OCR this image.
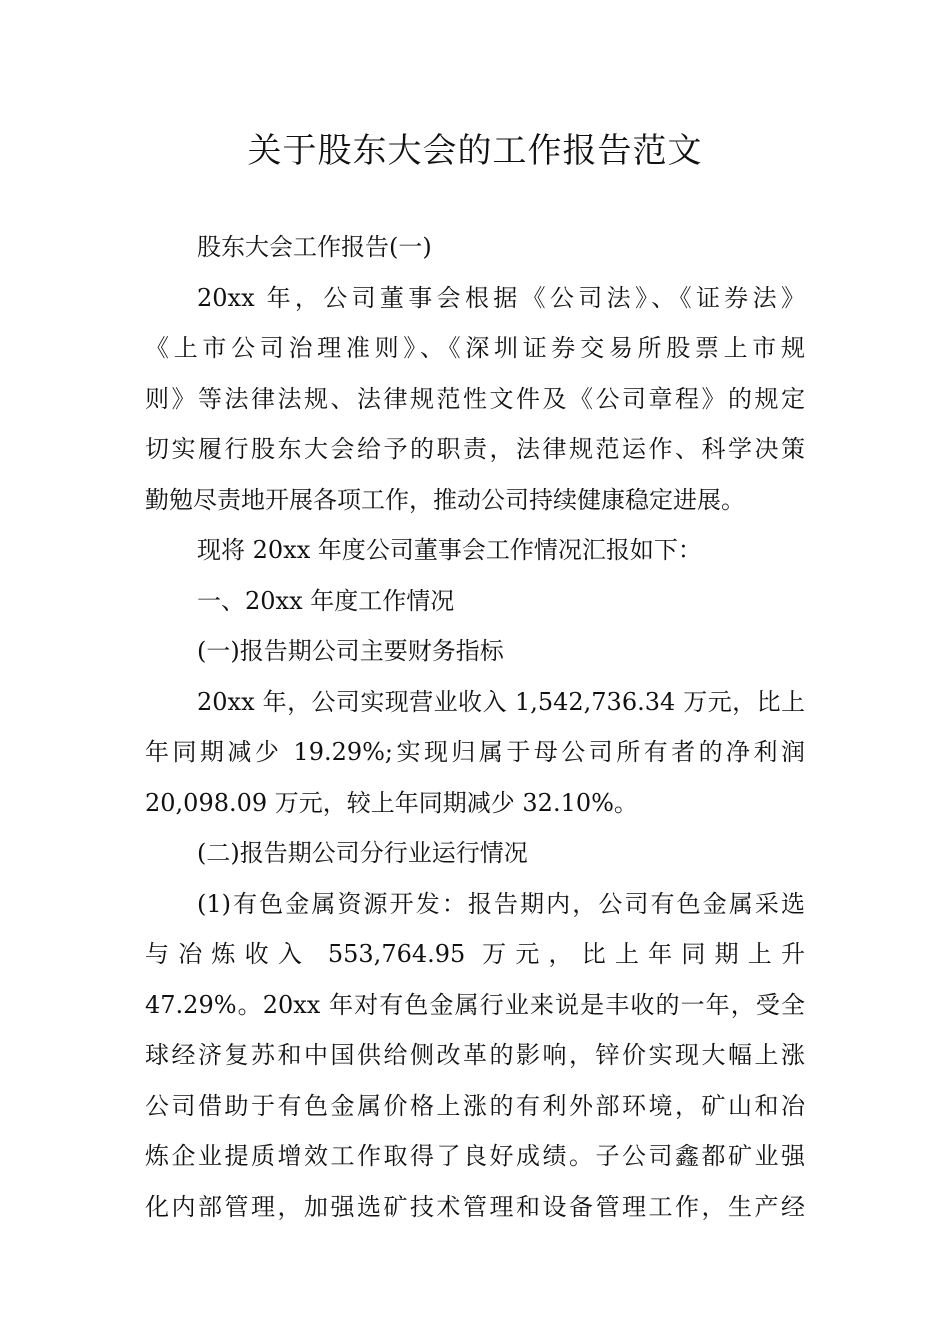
关于股东大会的工作报告范文
股东大会工作报告(一)
20xx 年，公司董事会根据《公司法》、《证券法》
《上市公司治理准则》、《深圳证券交易所股票上市规
则》等法律法规、法律规范性文件及《公司章程》的规定
切实履行股东大会给予的职责，法律规范运作、科学决策
勤勉尽责地开展各项工作，推动公司持续健康稳定进展。
现将 20xx 年度公司董事会工作情况汇报如下：
一、20xx 年度工作情况
(一)报告期公司主要财务指标
20xx 年，公司实现营业收入 1,542,736.34 万元，比上
年同期减少 19.29%;实现归属于母公司所有者的净利润
20,098.09 万元，较上年同期减少 32.10%。
(二)报告期公司分行业运行情况
(1)有色金属资源开发：报告期内，公司有色金属采选
与冶炼收入 553,764.95 万元，比上年同期上升
47.29%。20xx 年对有色金属行业来说是丰收的一年，受全
球经济复苏和中国供给侧改革的影响，锌价实现大幅上涨
公司借助于有色金属价格上涨的有利外部环境，矿山和冶
炼企业提质增效工作取得了良好成绩。子公司鑫都矿业强
化内部管理，加强选矿技术管理和设备管理工作，生产经
